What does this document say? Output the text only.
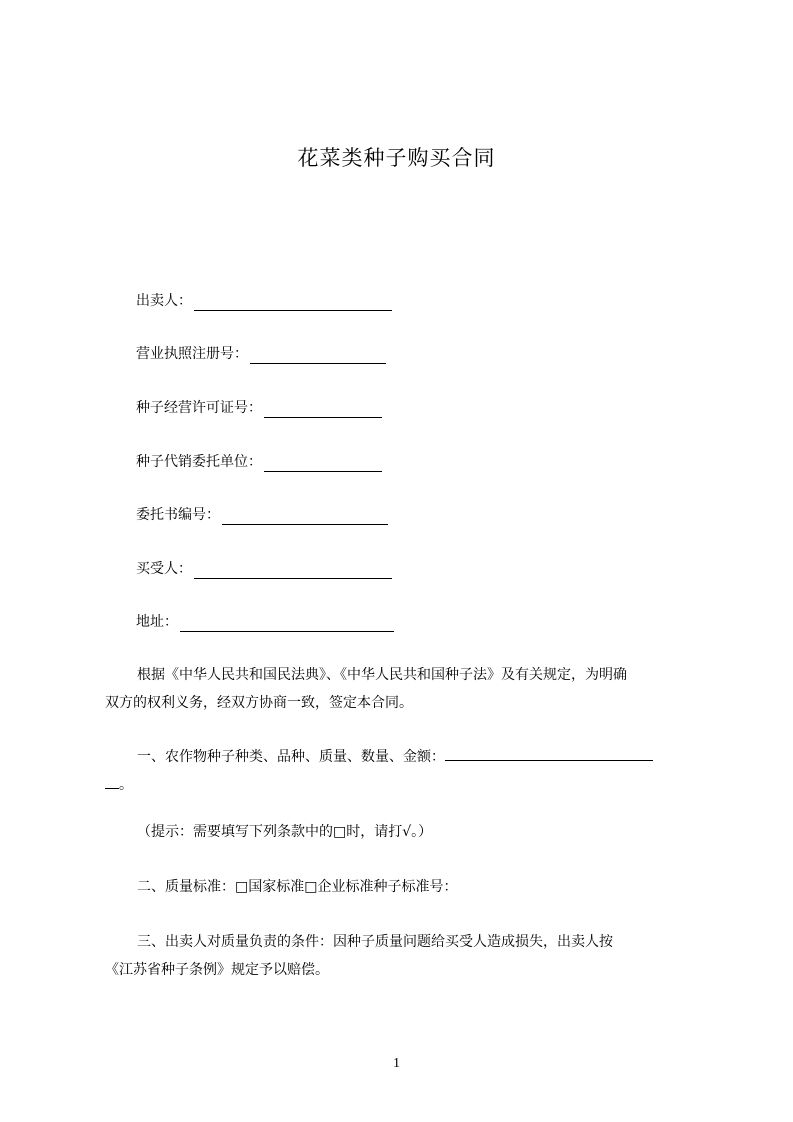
花菜类种子购买合同
出卖人：
营业执照注册号：
种子经营许可证号：
种子代销委托单位：
委托书编号：
买受人：
地址：
根据《中华人民共和国民法典》、《中华人民共和国种子法》及有关规定，为明确
双方的权利义务，经双方协商一致，签定本合同。
一、农作物种子种类、品种、质量、数量、金额：
。
（提示：需要填写下列条款中的□时，请打√。）
二、质量标准：□国家标准□企业标准种子标准号：
三、出卖人对质量负责的条件：因种子质量问题给买受人造成损失，出卖人按
《江苏省种子条例》规定予以赔偿。
1
